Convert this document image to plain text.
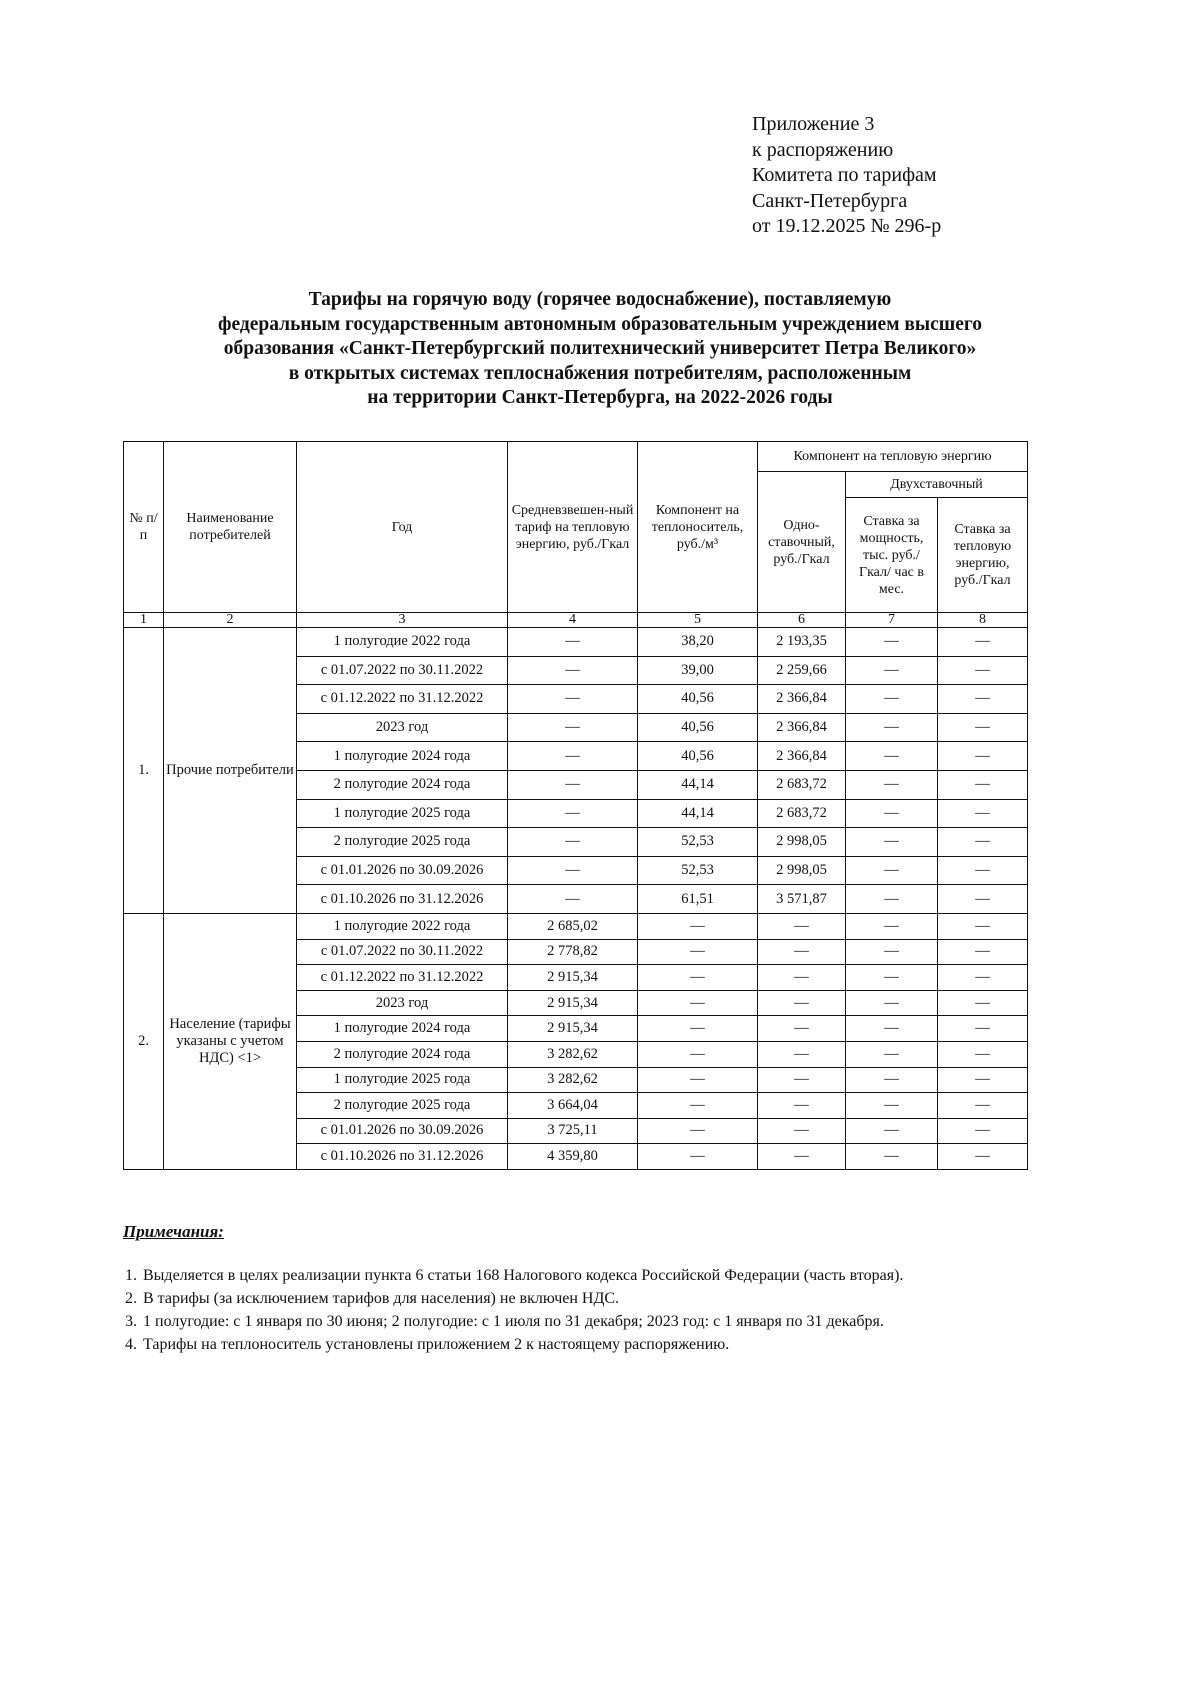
Приложение 3
к распоряжению
Комитета по тарифам
Санкт-Петербурга
от 19.12.2025 № 296-р
Тарифы на горячую воду (горячее водоснабжение), поставляемую
федеральным государственным автономным образовательным учреждением высшего
образования «Санкт-Петербургский политехнический университет Петра Великого»
в открытых системах теплоснабжения потребителям, расположенным
на территории Санкт-Петербурга, на 2022-2026 годы
№ п/п	Наименование потребителей	Год	Средневзвешен-ный тариф на тепловую энергию, руб./Гкал	Компонент на теплоноситель, руб./м³	Компонент на тепловую энергию		
					Одно-ставочный, руб./Гкал	Двухставочный	
						Ставка за мощность, тыс. руб./Гкал/ час в мес.	Ставка за тепловую энергию, руб./Гкал
1	2	3	4	5	6	7	8
1.	Прочие потребители	1 полугодие 2022 года	—	38,20	2 193,35	—	—
		с 01.07.2022 по 30.11.2022	—	39,00	2 259,66	—	—
		с 01.12.2022 по 31.12.2022	—	40,56	2 366,84	—	—
		2023 год	—	40,56	2 366,84	—	—
		1 полугодие 2024 года	—	40,56	2 366,84	—	—
		2 полугодие 2024 года	—	44,14	2 683,72	—	—
		1 полугодие 2025 года	—	44,14	2 683,72	—	—
		2 полугодие 2025 года	—	52,53	2 998,05	—	—
		с 01.01.2026 по 30.09.2026	—	52,53	2 998,05	—	—
		с 01.10.2026 по 31.12.2026	—	61,51	3 571,87	—	—
2.	Население (тарифы указаны с учетом НДС) <1>	1 полугодие 2022 года	2 685,02	—	—	—	—
		с 01.07.2022 по 30.11.2022	2 778,82	—	—	—	—
		с 01.12.2022 по 31.12.2022	2 915,34	—	—	—	—
		2023 год	2 915,34	—	—	—	—
		1 полугодие 2024 года	2 915,34	—	—	—	—
		2 полугодие 2024 года	3 282,62	—	—	—	—
		1 полугодие 2025 года	3 282,62	—	—	—	—
		2 полугодие 2025 года	3 664,04	—	—	—	—
		с 01.01.2026 по 30.09.2026	3 725,11	—	—	—	—
		с 01.10.2026 по 31.12.2026	4 359,80	—	—	—	—
Примечания:
1. Выделяется в целях реализации пункта 6 статьи 168 Налогового кодекса Российской Федерации (часть вторая).
2. В тарифы (за исключением тарифов для населения) не включен НДС.
3. 1 полугодие: с 1 января по 30 июня; 2 полугодие: с 1 июля по 31 декабря; 2023 год: с 1 января по 31 декабря.
4. Тарифы на теплоноситель установлены приложением 2 к настоящему распоряжению.
